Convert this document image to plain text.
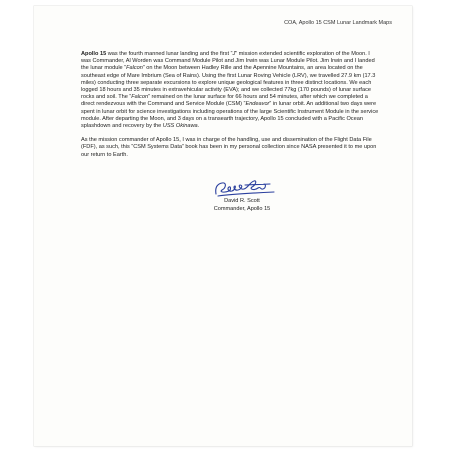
COA, Apollo 15 CSM Lunar Landmark Maps

Apollo 15 was the fourth manned lunar landing and the first “J” mission extended scientific exploration of the Moon. I was Commander, Al Worden was Command Module Pilot and Jim Irwin was Lunar Module Pilot. Jim Irwin and I landed the lunar module “Falcon” on the Moon between Hadley Rille and the Apennine Mountains, an area located on the southeast edge of Mare Imbrium (Sea of Rains). Using the first Lunar Roving Vehicle (LRV), we travelled 27.9 km (17.3 miles) conducting three separate excursions to explore unique geological features in three distinct locations. We each logged 18 hours and 35 minutes in extravehicular activity (EVA); and we collected 77kg (170 pounds) of lunar surface rocks and soil. The “Falcon” remained on the lunar surface for 66 hours and 54 minutes, after which we completed a direct rendezvous with the Command and Service Module (CSM) “Endeavor” in lunar orbit. An additional two days were spent in lunar orbit for science investigations including operations of the large Scientific Instrument Module in the service module. After departing the Moon, and 3 days on a transearth trajectory, Apollo 15 concluded with a Pacific Ocean splashdown and recovery by the USS Okinawa.

As the mission commander of Apollo 15, I was in charge of the handling, use and dissemination of the Flight Data File (FDF), as such, this “CSM Systems Data” book has been in my personal collection since NASA presented it to me upon our return to Earth.

David R. Scott
Commander, Apollo 15
